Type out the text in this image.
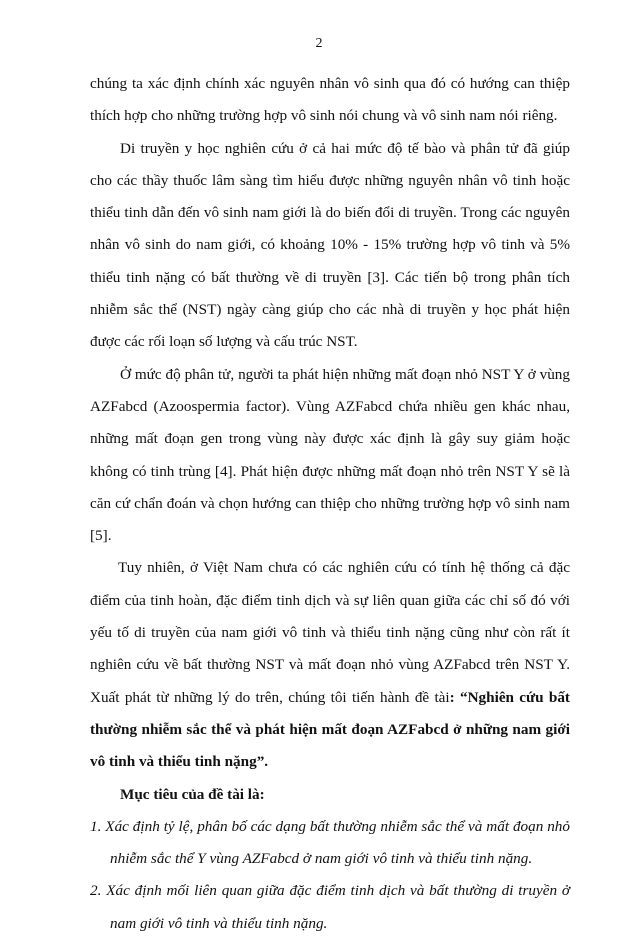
2

chúng ta xác định chính xác nguyên nhân vô sinh qua đó có hướng can thiệp thích hợp cho những trường hợp vô sinh nói chung và vô sinh nam nói riêng.

Di truyền y học nghiên cứu ở cả hai mức độ tế bào và phân tử đã giúp cho các thầy thuốc lâm sàng tìm hiểu được những nguyên nhân vô tinh hoặc thiểu tinh dẫn đến vô sinh nam giới là do biến đổi di truyền. Trong các nguyên nhân vô sinh do nam giới, có khoảng 10% - 15% trường hợp vô tinh và 5% thiểu tinh nặng có bất thường về di truyền [3]. Các tiến bộ trong phân tích nhiễm sắc thể (NST) ngày càng giúp cho các nhà di truyền y học phát hiện được các rối loạn số lượng và cấu trúc NST.

Ở mức độ phân tử, người ta phát hiện những mất đoạn nhỏ NST Y ở vùng AZFabcd (Azoospermia factor). Vùng AZFabcd chứa nhiều gen khác nhau, những mất đoạn gen trong vùng này được xác định là gây suy giảm hoặc không có tinh trùng [4]. Phát hiện được những mất đoạn nhỏ trên NST Y sẽ là căn cứ chẩn đoán và chọn hướng can thiệp cho những trường hợp vô sinh nam [5].

Tuy nhiên, ở Việt Nam chưa có các nghiên cứu có tính hệ thống cả đặc điểm của tinh hoàn, đặc điểm tinh dịch và sự liên quan giữa các chỉ số đó với yếu tố di truyền của nam giới vô tinh và thiểu tinh nặng cũng như còn rất ít nghiên cứu về bất thường NST và mất đoạn nhỏ vùng AZFabcd trên NST Y. Xuất phát từ những lý do trên, chúng tôi tiến hành đề tài: “Nghiên cứu bất thường nhiễm sắc thể và phát hiện mất đoạn AZFabcd ở những nam giới vô tinh và thiểu tinh nặng”.

Mục tiêu của đề tài là:

1. Xác định tỷ lệ, phân bố các dạng bất thường nhiễm sắc thể và mất đoạn nhỏ nhiễm sắc thể Y vùng AZFabcd ở nam giới vô tinh và thiểu tinh nặng.

2. Xác định mối liên quan giữa đặc điểm tinh dịch và bất thường di truyền ở nam giới vô tinh và thiểu tinh nặng.
